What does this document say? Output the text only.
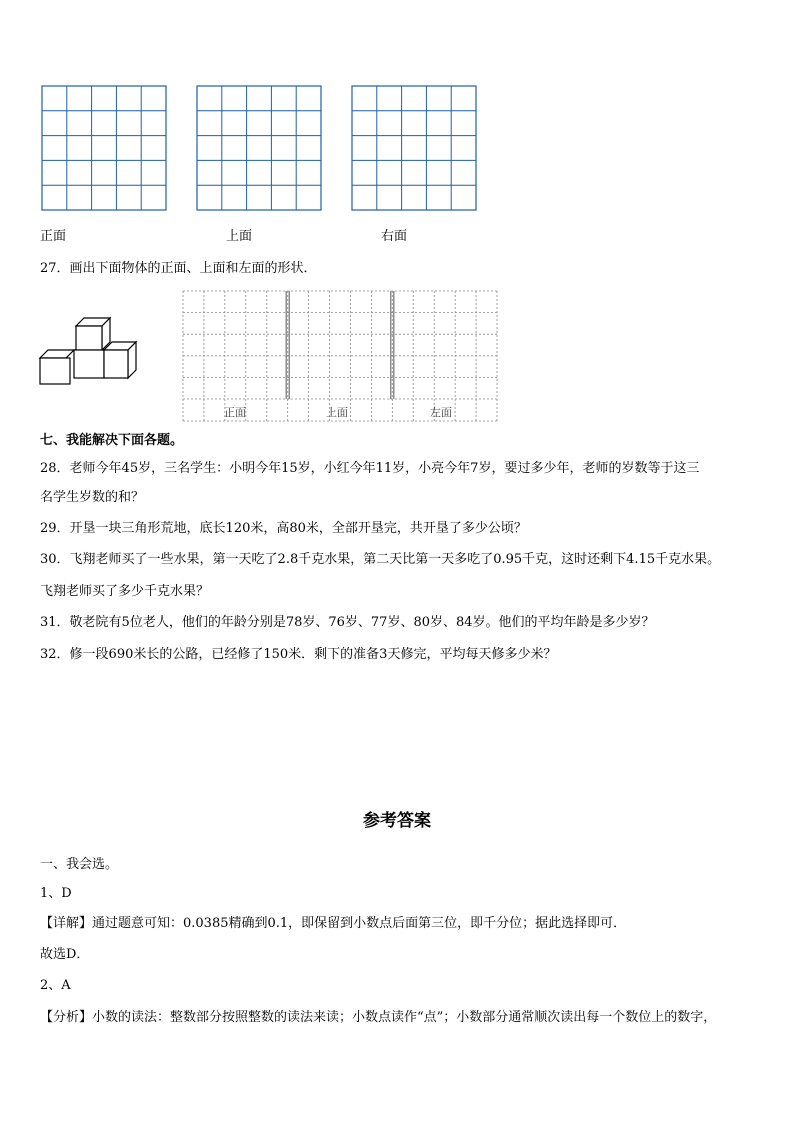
正面	上面	右面
27．画出下面物体的正面、上面和左面的形状．
正面	上面	左面
七、我能解决下面各题。
28．老师今年45岁，三名学生：小明今年15岁，小红今年11岁，小亮今年7岁，要过多少年，老师的岁数等于这三
名学生岁数的和？
29．开垦一块三角形荒地，底长120米，高80米，全部开垦完，共开垦了多少公顷？
30．飞翔老师买了一些水果，第一天吃了2.8千克水果，第二天比第一天多吃了0.95千克，这时还剩下4.15千克水果。
飞翔老师买了多少千克水果？
31．敬老院有5位老人，他们的年龄分别是78岁、76岁、77岁、80岁、84岁。他们的平均年龄是多少岁？
32．修一段690米长的公路，已经修了150米．剩下的准备3天修完，平均每天修多少米？
参考答案
一、我会选。
1、D
【详解】通过题意可知：0.0385精确到0.1，即保留到小数点后面第三位，即千分位；据此选择即可．
故选D．
2、A
【分析】小数的读法：整数部分按照整数的读法来读；小数点读作“点”；小数部分通常顺次读出每一个数位上的数字，
